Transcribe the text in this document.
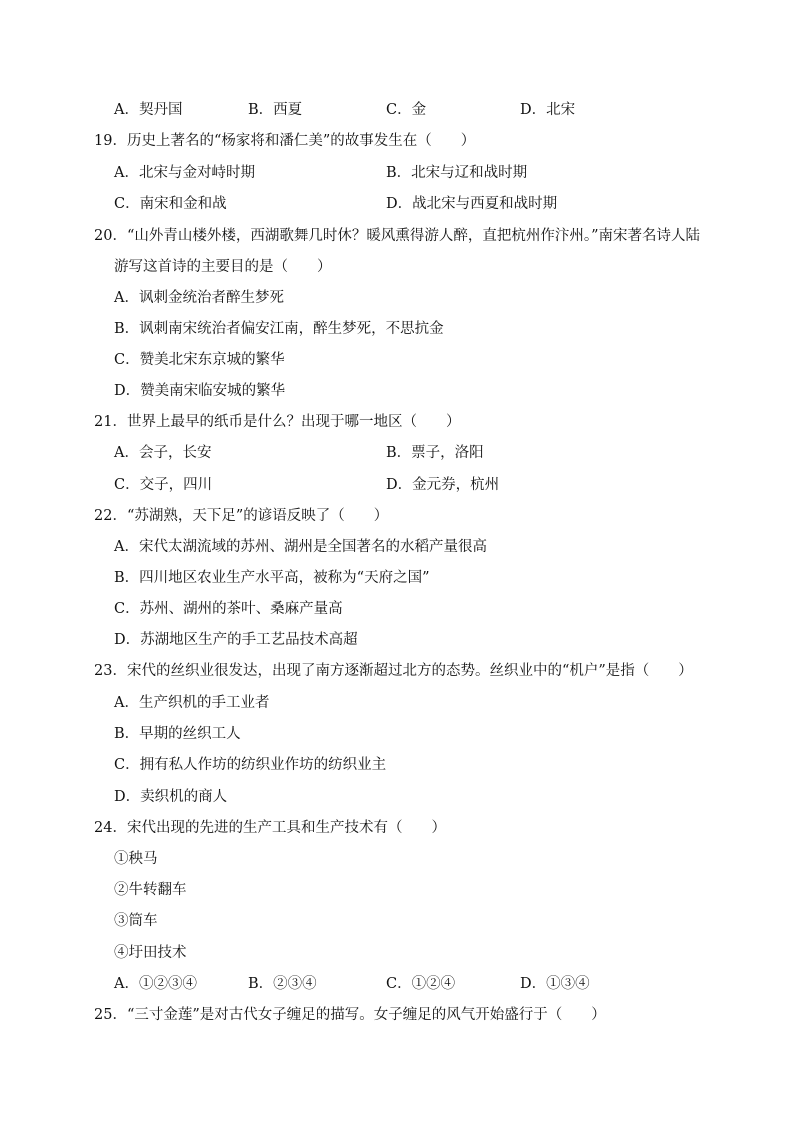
A．契丹国	B．西夏	C．金	D．北宋
19．历史上著名的“杨家将和潘仁美”的故事发生在（　　）
A．北宋与金对峙时期	B．北宋与辽和战时期
C．南宋和金和战	D．战北宋与西夏和战时期
20．“山外青山楼外楼，西湖歌舞几时休？暖风熏得游人醉，直把杭州作汴州。”南宋著名诗人陆
游写这首诗的主要目的是（　　）
A．讽刺金统治者醉生梦死
B．讽刺南宋统治者偏安江南，醉生梦死，不思抗金
C．赞美北宋东京城的繁华
D．赞美南宋临安城的繁华
21．世界上最早的纸币是什么？出现于哪一地区（　　）
A．会子，长安	B．票子，洛阳
C．交子，四川	D．金元券，杭州
22．“苏湖熟，天下足”的谚语反映了（　　）
A．宋代太湖流域的苏州、湖州是全国著名的水稻产量很高
B．四川地区农业生产水平高，被称为“天府之国”
C．苏州、湖州的茶叶、桑麻产量高
D．苏湖地区生产的手工艺品技术高超
23．宋代的丝织业很发达，出现了南方逐渐超过北方的态势。丝织业中的“机户”是指（　　）
A．生产织机的手工业者
B．早期的丝织工人
C．拥有私人作坊的纺织业作坊的纺织业主
D．卖织机的商人
24．宋代出现的先进的生产工具和生产技术有（　　）
①秧马
②牛转翻车
③筒车
④圩田技术
A．①②③④	B．②③④	C．①②④	D．①③④
25．“三寸金莲”是对古代女子缠足的描写。女子缠足的风气开始盛行于（　　）
